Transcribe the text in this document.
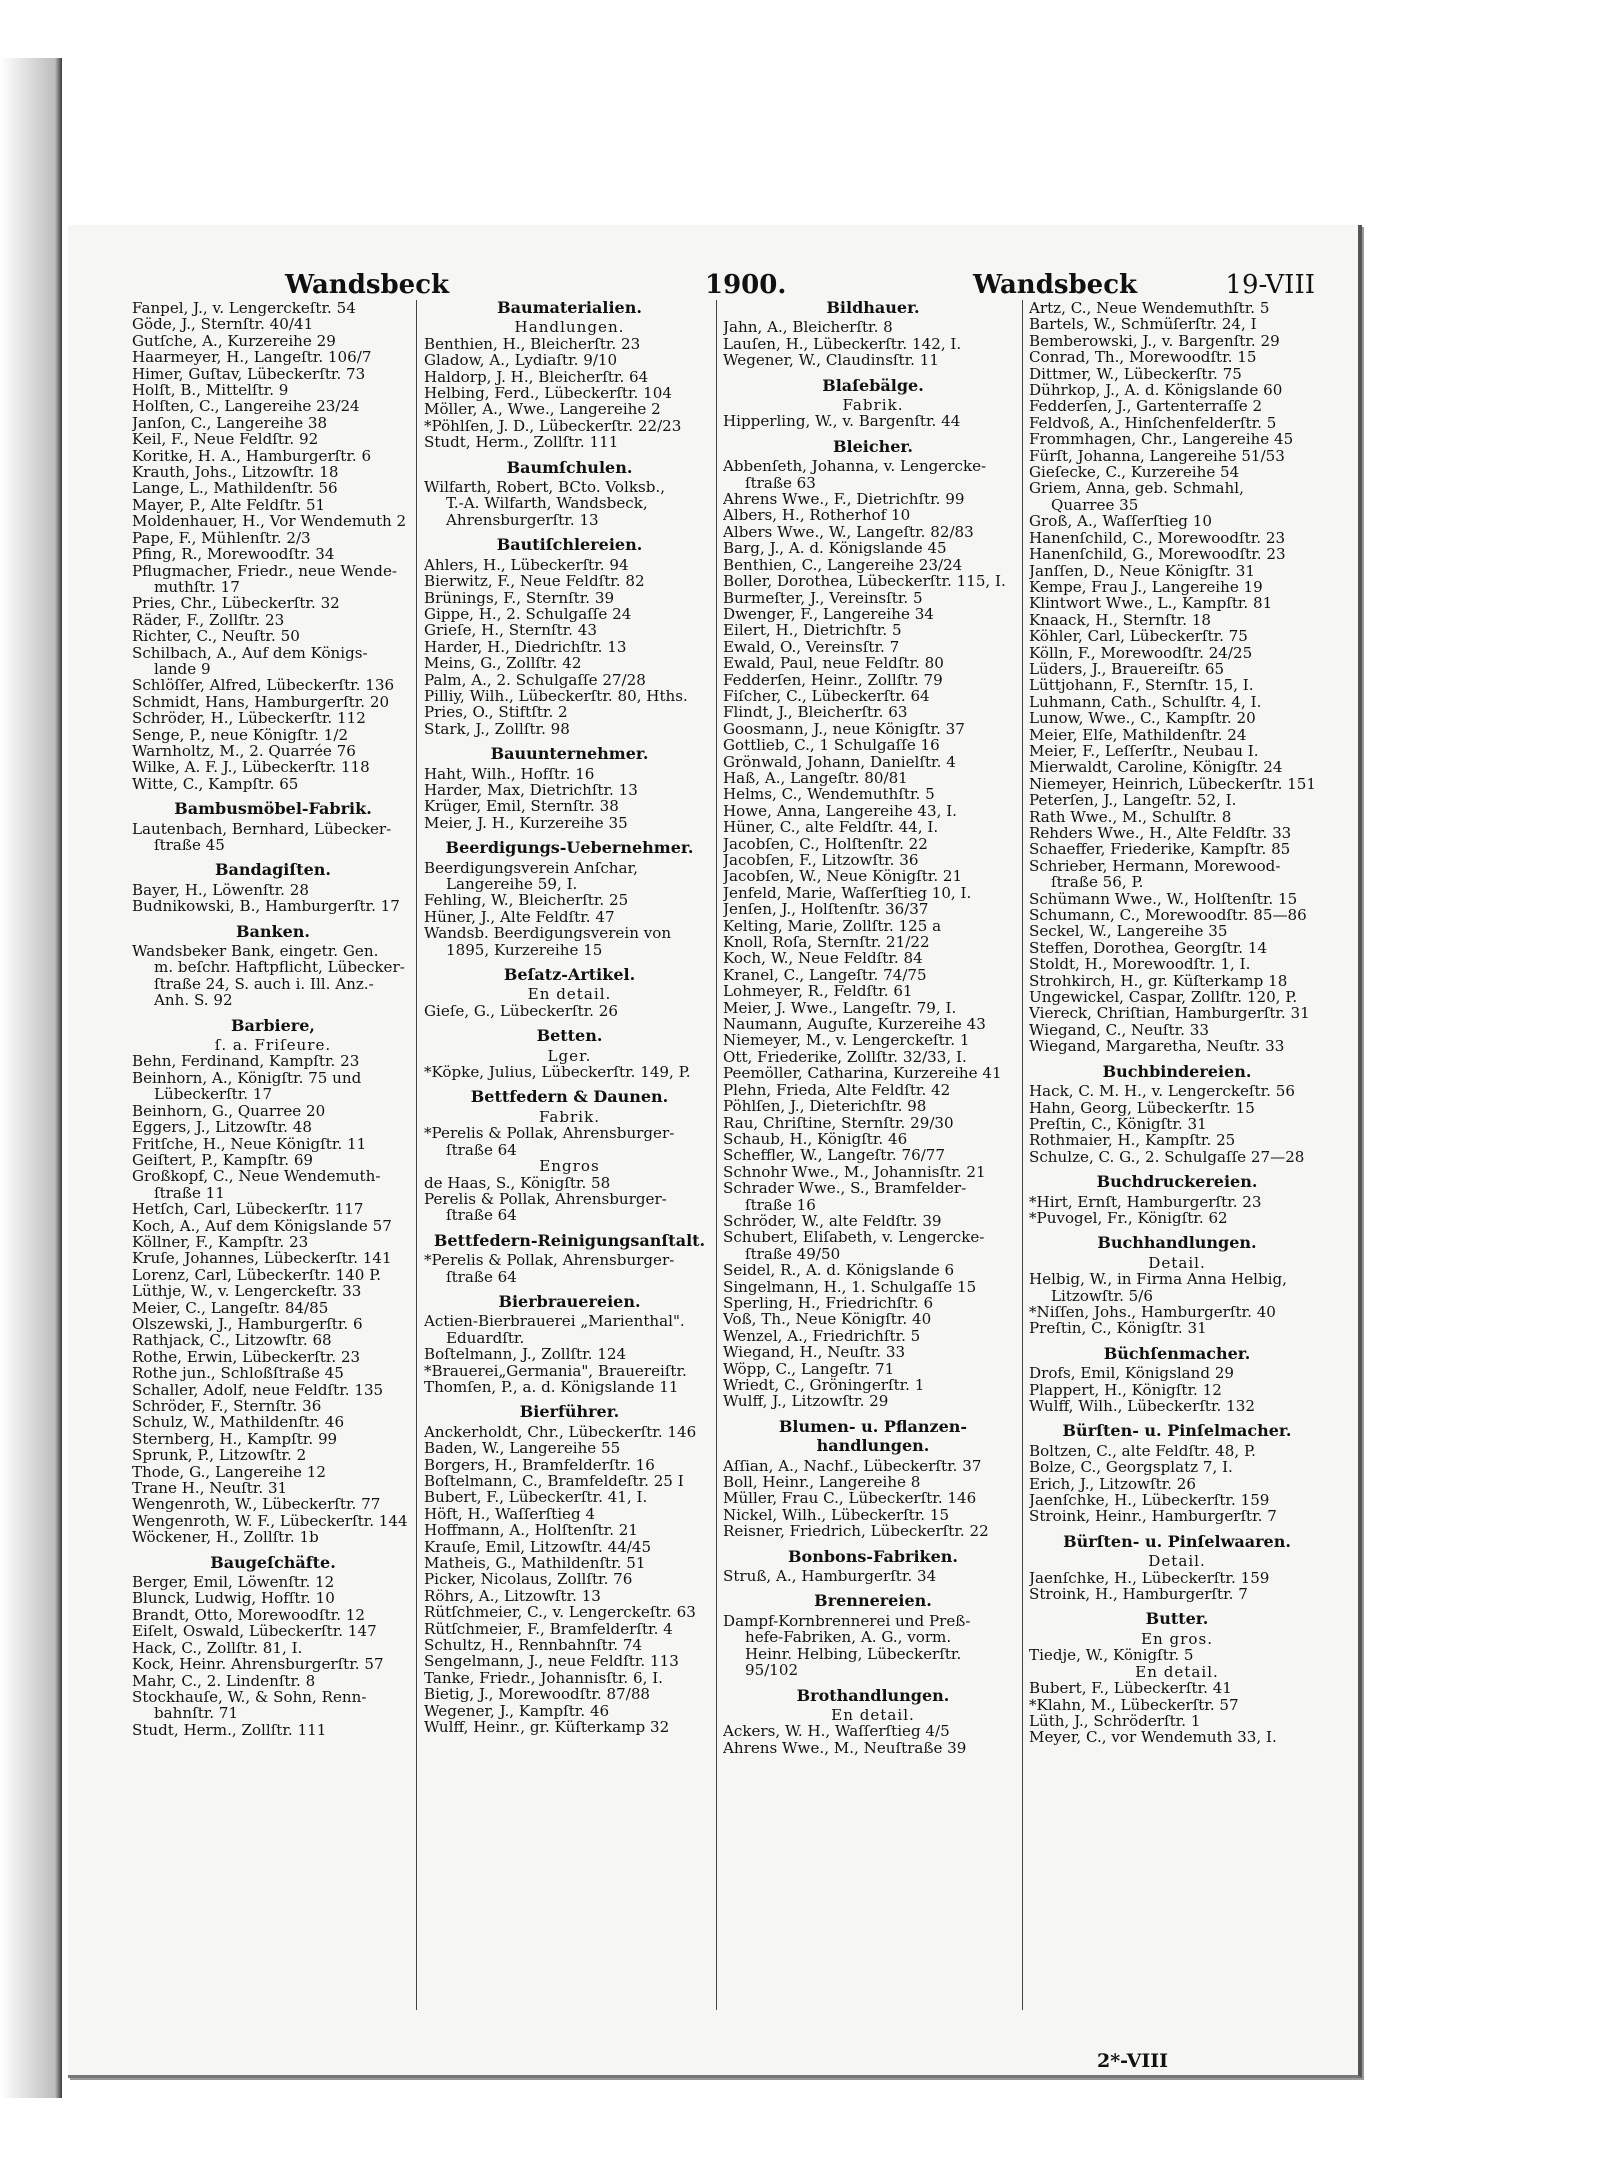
Wandsbeck	1900.	Wandsbeck	19-VIII
Fanpel, J., v. Lengerckeſtr. 54
Göde, J., Sternſtr. 40/41
Gutſche, A., Kurzereihe 29
Haarmeyer, H., Langeſtr. 106/7
Himer, Guſtav, Lübeckerſtr. 73
Holſt, B., Mittelſtr. 9
Holſten, C., Langereihe 23/24
Janſon, C., Langereihe 38
Keil, F., Neue Feldſtr. 92
Koritke, H. A., Hamburgerſtr. 6
Krauth, Johs., Litzowſtr. 18
Lange, L., Mathildenſtr. 56
Mayer, P., Alte Feldſtr. 51
Moldenhauer, H., Vor Wendemuth 2
Pape, F., Mühlenſtr. 2/3
Pfing, R., Morewoodſtr. 34
Pflugmacher, Friedr., neue Wende-
muthſtr. 17
Pries, Chr., Lübeckerſtr. 32
Räder, F., Zollſtr. 23
Richter, C., Neuſtr. 50
Schilbach, A., Auf dem Königs-
lande 9
Schlöſſer, Alfred, Lübeckerſtr. 136
Schmidt, Hans, Hamburgerſtr. 20
Schröder, H., Lübeckerſtr. 112
Senge, P., neue Königſtr. 1/2
Warnholtz, M., 2. Quarrée 76
Wilke, A. F. J., Lübeckerſtr. 118
Witte, C., Kampſtr. 65
Bambusmöbel-Fabrik.
Lautenbach, Bernhard, Lübecker-
ſtraße 45
Bandagiſten.
Bayer, H., Löwenſtr. 28
Budnikowski, B., Hamburgerſtr. 17
Banken.
Wandsbeker Bank, eingetr. Gen.
m. beſchr. Haftpflicht, Lübecker-
ſtraße 24, S. auch i. Ill. Anz.-
Anh. S. 92
Barbiere,
ſ. a. Friſeure.
Behn, Ferdinand, Kampſtr. 23
Beinhorn, A., Königſtr. 75 und
Lübeckerſtr. 17
Beinhorn, G., Quarree 20
Eggers, J., Litzowſtr. 48
Fritſche, H., Neue Königſtr. 11
Geiſtert, P., Kampſtr. 69
Großkopf, C., Neue Wendemuth-
ſtraße 11
Hetſch, Carl, Lübeckerſtr. 117
Koch, A., Auf dem Königslande 57
Köllner, F., Kampſtr. 23
Kruſe, Johannes, Lübeckerſtr. 141
Lorenz, Carl, Lübeckerſtr. 140 P.
Lüthje, W., v. Lengerckeſtr. 33
Meier, C., Langeſtr. 84/85
Olszewski, J., Hamburgerſtr. 6
Rathjack, C., Litzowſtr. 68
Rothe, Erwin, Lübeckerſtr. 23
Rothe jun., Schloßſtraße 45
Schaller, Adolf, neue Feldſtr. 135
Schröder, F., Sternſtr. 36
Schulz, W., Mathildenſtr. 46
Sternberg, H., Kampſtr. 99
Sprunk, P., Litzowſtr. 2
Thode, G., Langereihe 12
Trane H., Neuſtr. 31
Wengenroth, W., Lübeckerſtr. 77
Wengenroth, W. F., Lübeckerſtr. 144
Wöckener, H., Zollſtr. 1b
Baugeſchäfte.
Berger, Emil, Löwenſtr. 12
Blunck, Ludwig, Hofſtr. 10
Brandt, Otto, Morewoodſtr. 12
Eiſelt, Oswald, Lübeckerſtr. 147
Hack, C., Zollſtr. 81, I.
Kock, Heinr. Ahrensburgerſtr. 57
Mahr, C., 2. Lindenſtr. 8
Stockhauſe, W., & Sohn, Renn-
bahnſtr. 71
Studt, Herm., Zollſtr. 111
Baumaterialien.
Handlungen.
Benthien, H., Bleicherſtr. 23
Gladow, A., Lydiaſtr. 9/10
Haldorp, J. H., Bleicherſtr. 64
Helbing, Ferd., Lübeckerſtr. 104
Möller, A., Wwe., Langereihe 2
*Pöhlſen, J. D., Lübeckerſtr. 22/23
Studt, Herm., Zollſtr. 111
Baumſchulen.
Wilfarth, Robert, BCto. Volksb.,
T.-A. Wilfarth, Wandsbeck,
Ahrensburgerſtr. 13
Bautiſchlereien.
Ahlers, H., Lübeckerſtr. 94
Bierwitz, F., Neue Feldſtr. 82
Brünings, F., Sternſtr. 39
Gippe, H., 2. Schulgaſſe 24
Grieſe, H., Sternſtr. 43
Harder, H., Diedrichſtr. 13
Meins, G., Zollſtr. 42
Palm, A., 2. Schulgaſſe 27/28
Pilliy, Wilh., Lübeckerſtr. 80, Hths.
Pries, O., Stiftſtr. 2
Stark, J., Zollſtr. 98
Bauunternehmer.
Haht, Wilh., Hofſtr. 16
Harder, Max, Dietrichſtr. 13
Krüger, Emil, Sternſtr. 38
Meier, J. H., Kurzereihe 35
Beerdigungs-Uebernehmer.
Beerdigungsverein Anſchar,
Langereihe 59, I.
Fehling, W., Bleicherſtr. 25
Hüner, J., Alte Feldſtr. 47
Wandsb. Beerdigungsverein von
1895, Kurzereihe 15
Beſatz-Artikel.
En detail.
Gieſe, G., Lübeckerſtr. 26
Betten.
Lger.
*Köpke, Julius, Lübeckerſtr. 149, P.
Bettfedern & Daunen.
Fabrik.
*Perelis & Pollak, Ahrensburger-
ſtraße 64
Engros
de Haas, S., Königſtr. 58
Perelis & Pollak, Ahrensburger-
ſtraße 64
Bettfedern-Reinigungsanſtalt.
*Perelis & Pollak, Ahrensburger-
ſtraße 64
Bierbrauereien.
Actien-Bierbrauerei „Marienthal".
Eduardſtr.
Boſtelmann, J., Zollſtr. 124
*Brauerei„Germania", Brauereiſtr.
Thomſen, P., a. d. Königslande 11
Bierführer.
Anckerholdt, Chr., Lübeckerſtr. 146
Baden, W., Langereihe 55
Borgers, H., Bramfelderſtr. 16
Boſtelmann, C., Bramfeldeſtr. 25 I
Bubert, F., Lübeckerſtr. 41, I.
Höft, H., Waſſerſtieg 4
Hoffmann, A., Holſtenſtr. 21
Krauſe, Emil, Litzowſtr. 44/45
Matheis, G., Mathildenſtr. 51
Picker, Nicolaus, Zollſtr. 76
Röhrs, A., Litzowſtr. 13
Rütſchmeier, C., v. Lengerckeſtr. 63
Rütſchmeier, F., Bramfelderſtr. 4
Schultz, H., Rennbahnſtr. 74
Sengelmann, J., neue Feldſtr. 113
Tanke, Friedr., Johannisſtr. 6, I.
Bietig, J., Morewoodſtr. 87/88
Wegener, J., Kampſtr. 46
Wulff, Heinr., gr. Küſterkamp 32
Bildhauer.
Jahn, A., Bleicherſtr. 8
Lauſen, H., Lübeckerſtr. 142, I.
Wegener, W., Claudinsſtr. 11
Blaſebälge.
Fabrik.
Hipperling, W., v. Bargenſtr. 44
Bleicher.
Abbenſeth, Johanna, v. Lengercke-
ſtraße 63
Ahrens Wwe., F., Dietrichſtr. 99
Albers, H., Rotherhof 10
Albers Wwe., W., Langeſtr. 82/83
Barg, J., A. d. Königslande 45
Benthien, C., Langereihe 23/24
Boller, Dorothea, Lübeckerſtr. 115, I.
Burmeſter, J., Vereinsſtr. 5
Dwenger, F., Langereihe 34
Eilert, H., Dietrichſtr. 5
Ewald, O., Vereinsſtr. 7
Ewald, Paul, neue Feldſtr. 80
Fedderſen, Heinr., Zollſtr. 79
Fiſcher, C., Lübeckerſtr. 64
Flindt, J., Bleicherſtr. 63
Goosmann, J., neue Königſtr. 37
Gottlieb, C., 1 Schulgaſſe 16
Grönwald, Johann, Danielſtr. 4
Haß, A., Langeſtr. 80/81
Helms, C., Wendemuthſtr. 5
Howe, Anna, Langereihe 43, I.
Hüner, C., alte Feldſtr. 44, I.
Jacobſen, C., Holſtenſtr. 22
Jacobſen, F., Litzowſtr. 36
Jacobſen, W., Neue Königſtr. 21
Jenfeld, Marie, Waſſerſtieg 10, I.
Jenſen, J., Holſtenſtr. 36/37
Kelting, Marie, Zollſtr. 125 a
Knoll, Roſa, Sternſtr. 21/22
Koch, W., Neue Feldſtr. 84
Kranel, C., Langeſtr. 74/75
Lohmeyer, R., Feldſtr. 61
Meier, J. Wwe., Langeſtr. 79, I.
Naumann, Auguſte, Kurzereihe 43
Niemeyer, M., v. Lengerckeſtr. 1
Ott, Friederike, Zollſtr. 32/33, I.
Peemöller, Catharina, Kurzereihe 41
Plehn, Frieda, Alte Feldſtr. 42
Pöhlſen, J., Dieterichſtr. 98
Rau, Chriſtine, Sternſtr. 29/30
Schaub, H., Königſtr. 46
Scheffler, W., Langeſtr. 76/77
Schnohr Wwe., M., Johannisſtr. 21
Schrader Wwe., S., Bramfelder-
ſtraße 16
Schröder, W., alte Feldſtr. 39
Schubert, Eliſabeth, v. Lengercke-
ſtraße 49/50
Seidel, R., A. d. Königslande 6
Singelmann, H., 1. Schulgaſſe 15
Sperling, H., Friedrichſtr. 6
Voß, Th., Neue Königſtr. 40
Wenzel, A., Friedrichſtr. 5
Wiegand, H., Neuſtr. 33
Wöpp, C., Langeſtr. 71
Wriedt, C., Gröningerſtr. 1
Wulff, J., Litzowſtr. 29
Blumen- u. Pflanzen-
handlungen.
Aſſian, A., Nachf., Lübeckerſtr. 37
Boll, Heinr., Langereihe 8
Müller, Frau C., Lübeckerſtr. 146
Nickel, Wilh., Lübeckerſtr. 15
Reisner, Friedrich, Lübeckerſtr. 22
Bonbons-Fabriken.
Struß, A., Hamburgerſtr. 34
Brennereien.
Dampf-Kornbrennerei und Preß-
hefe-Fabriken, A. G., vorm.
Heinr. Helbing, Lübeckerſtr.
95/102
Brothandlungen.
En detail.
Ackers, W. H., Waſſerſtieg 4/5
Ahrens Wwe., M., Neuſtraße 39
Artz, C., Neue Wendemuthſtr. 5
Bartels, W., Schmüſerſtr. 24, I
Bemberowski, J., v. Bargenſtr. 29
Conrad, Th., Morewoodſtr. 15
Dittmer, W., Lübeckerſtr. 75
Dührkop, J., A. d. Königslande 60
Fedderſen, J., Gartenterraſſe 2
Feldvoß, A., Hinſchenfelderſtr. 5
Frommhagen, Chr., Langereihe 45
Fürſt, Johanna, Langereihe 51/53
Gieſecke, C., Kurzereihe 54
Griem, Anna, geb. Schmahl,
Quarree 35
Groß, A., Waſſerſtieg 10
Hanenſchild, C., Morewoodſtr. 23
Hanenſchild, G., Morewoodſtr. 23
Janſſen, D., Neue Königſtr. 31
Kempe, Frau J., Langereihe 19
Klintwort Wwe., L., Kampſtr. 81
Knaack, H., Sternſtr. 18
Köhler, Carl, Lübeckerſtr. 75
Kölln, F., Morewoodſtr. 24/25
Lüders, J., Brauereiſtr. 65
Lüttjohann, F., Sternſtr. 15, I.
Luhmann, Cath., Schulſtr. 4, I.
Lunow, Wwe., C., Kampſtr. 20
Meier, Elſe, Mathildenſtr. 24
Meier, F., Leſſerſtr., Neubau I.
Mierwaldt, Caroline, Königſtr. 24
Niemeyer, Heinrich, Lübeckerſtr. 151
Peterſen, J., Langeſtr. 52, I.
Rath Wwe., M., Schulſtr. 8
Rehders Wwe., H., Alte Feldſtr. 33
Schaeffer, Friederike, Kampſtr. 85
Schrieber, Hermann, Morewood-
ſtraße 56, P.
Schümann Wwe., W., Holſtenſtr. 15
Schumann, C., Morewoodſtr. 85—86
Seckel, W., Langereihe 35
Steffen, Dorothea, Georgſtr. 14
Stoldt, H., Morewoodſtr. 1, I.
Strohkirch, H., gr. Küſterkamp 18
Ungewickel, Caspar, Zollſtr. 120, P.
Viereck, Chriſtian, Hamburgerſtr. 31
Wiegand, C., Neuſtr. 33
Wiegand, Margaretha, Neuſtr. 33
Buchbindereien.
Hack, C. M. H., v. Lengerckeſtr. 56
Hahn, Georg, Lübeckerſtr. 15
Preſtin, C., Königſtr. 31
Rothmaier, H., Kampſtr. 25
Schulze, C. G., 2. Schulgaſſe 27—28
Buchdruckereien.
*Hirt, Ernſt, Hamburgerſtr. 23
*Puvogel, Fr., Königſtr. 62
Buchhandlungen.
Detail.
Helbig, W., in Firma Anna Helbig,
Litzowſtr. 5/6
*Niſſen, Johs., Hamburgerſtr. 40
Preſtin, C., Königſtr. 31
Büchſenmacher.
Drofs, Emil, Königsland 29
Plappert, H., Königſtr. 12
Wulff, Wilh., Lübeckerſtr. 132
Bürſten- u. Pinſelmacher.
Boltzen, C., alte Feldſtr. 48, P.
Bolze, C., Georgsplatz 7, I.
Erich, J., Litzowſtr. 26
Jaenſchke, H., Lübeckerſtr. 159
Stroink, Heinr., Hamburgerſtr. 7
Bürſten- u. Pinſelwaaren.
Detail.
Jaenſchke, H., Lübeckerſtr. 159
Stroink, H., Hamburgerſtr. 7
Butter.
En gros.
Tiedje, W., Königſtr. 5
En detail.
Bubert, F., Lübeckerſtr. 41
*Klahn, M., Lübeckerſtr. 57
Lüth, J., Schröderſtr. 1
Meyer, C., vor Wendemuth 33, I.
2*-VIII
